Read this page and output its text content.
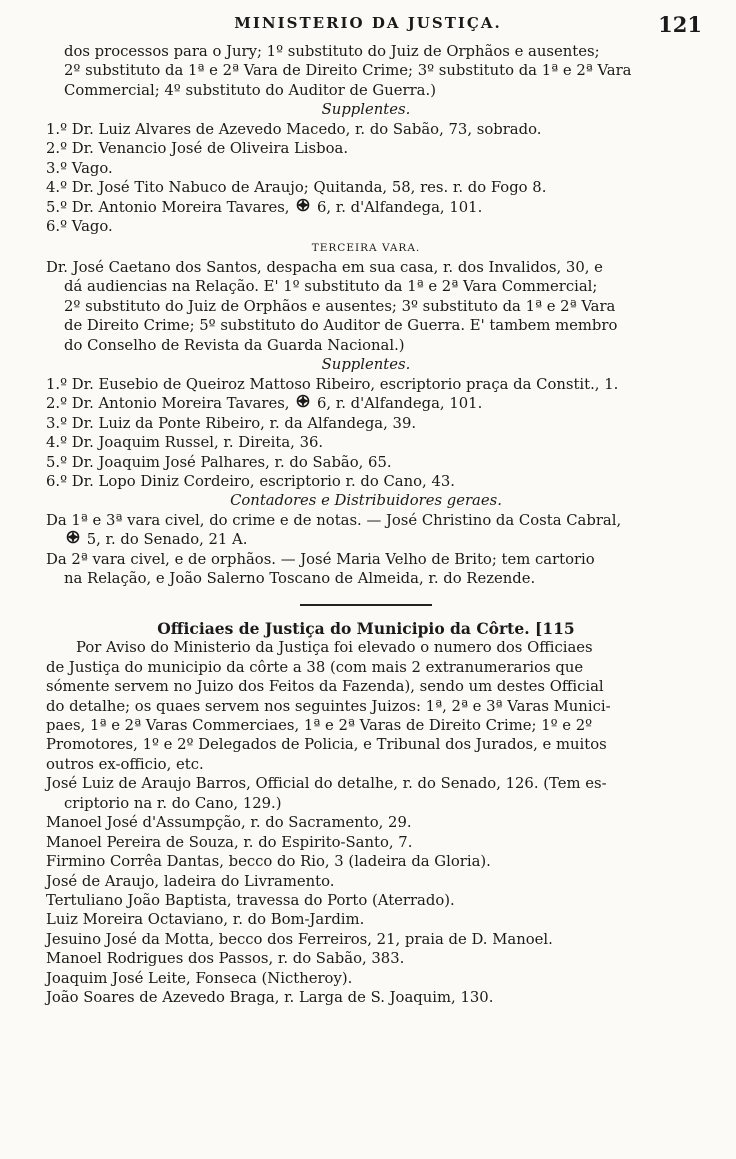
MINISTERIO DA JUSTIÇA.	121
dos processos para o Jury; 1º substituto do Juiz de Orphãos e ausentes;
2º substituto da 1ª e 2ª Vara de Direito Crime; 3º substituto da 1ª e 2ª Vara
Commercial; 4º substituto do Auditor de Guerra.)
Supplentes.
1.º Dr. Luiz Alvares de Azevedo Macedo, r. do Sabão, 73, sobrado.
2.º Dr. Venancio José de Oliveira Lisboa.
3.º Vago.
4.º Dr. José Tito Nabuco de Araujo; Quitanda, 58, res. r. do Fogo 8.
5.º Dr. Antonio Moreira Tavares, 6, r. d'Alfandega, 101.
6.º Vago.
TERCEIRA VARA.
Dr. José Caetano dos Santos, despacha em sua casa, r. dos Invalidos, 30, e
dá audiencias na Relação. E' 1º substituto da 1ª e 2ª Vara Commercial;
2º substituto do Juiz de Orphãos e ausentes; 3º substituto da 1ª e 2ª Vara
de Direito Crime; 5º substituto do Auditor de Guerra. E' tambem membro
do Conselho de Revista da Guarda Nacional.)
Supplentes.
1.º Dr. Eusebio de Queiroz Mattoso Ribeiro, escriptorio praça da Constit., 1.
2.º Dr. Antonio Moreira Tavares, 6, r. d'Alfandega, 101.
3.º Dr. Luiz da Ponte Ribeiro, r. da Alfandega, 39.
4.º Dr. Joaquim Russel, r. Direita, 36.
5.º Dr. Joaquim José Palhares, r. do Sabão, 65.
6.º Dr. Lopo Diniz Cordeiro, escriptorio r. do Cano, 43.
Contadores e Distribuidores geraes.
Da 1ª e 3ª vara civel, do crime e de notas. — José Christino da Costa Cabral,
5, r. do Senado, 21 A.
Da 2ª vara civel, e de orphãos. — José Maria Velho de Brito; tem cartorio
na Relação, e João Salerno Toscano de Almeida, r. do Rezende.
Officiaes de Justiça do Municipio da Côrte. [115
Por Aviso do Ministerio da Justiça foi elevado o numero dos Officiaes
de Justiça do municipio da côrte a 38 (com mais 2 extranumerarios que
sómente servem no Juizo dos Feitos da Fazenda), sendo um destes Official
do detalhe; os quaes servem nos seguintes Juizos: 1ª, 2ª e 3ª Varas Munici-
paes, 1ª e 2ª Varas Commerciaes, 1ª e 2ª Varas de Direito Crime; 1º e 2º
Promotores, 1º e 2º Delegados de Policia, e Tribunal dos Jurados, e muitos
outros ex-officio, etc.
José Luiz de Araujo Barros, Official do detalhe, r. do Senado, 126. (Tem es-
criptorio na r. do Cano, 129.)
Manoel José d'Assumpção, r. do Sacramento, 29.
Manoel Pereira de Souza, r. do Espirito-Santo, 7.
Firmino Corrêa Dantas, becco do Rio, 3 (ladeira da Gloria).
José de Araujo, ladeira do Livramento.
Tertuliano João Baptista, travessa do Porto (Aterrado).
Luiz Moreira Octaviano, r. do Bom-Jardim.
Jesuino José da Motta, becco dos Ferreiros, 21, praia de D. Manoel.
Manoel Rodrigues dos Passos, r. do Sabão, 383.
Joaquim José Leite, Fonseca (Nictheroy).
João Soares de Azevedo Braga, r. Larga de S. Joaquim, 130.
